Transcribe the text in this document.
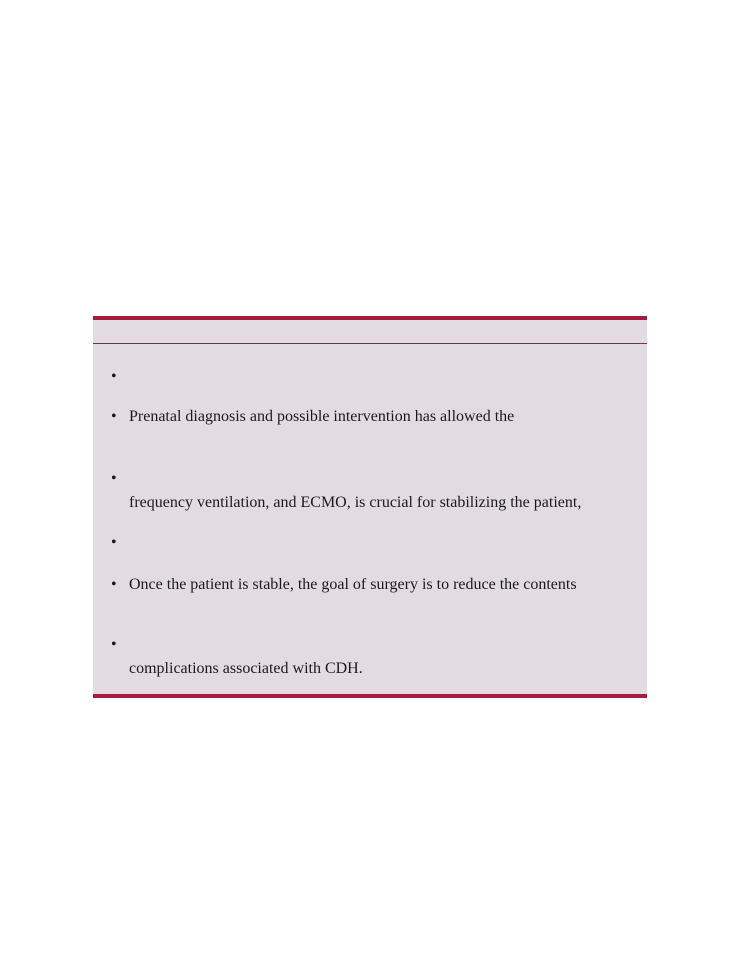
•
• Prenatal diagnosis and possible intervention has allowed the
•
frequency ventilation, and ECMO, is crucial for stabilizing the patient,
•
• Once the patient is stable, the goal of surgery is to reduce the contents
•
complications associated with CDH.
